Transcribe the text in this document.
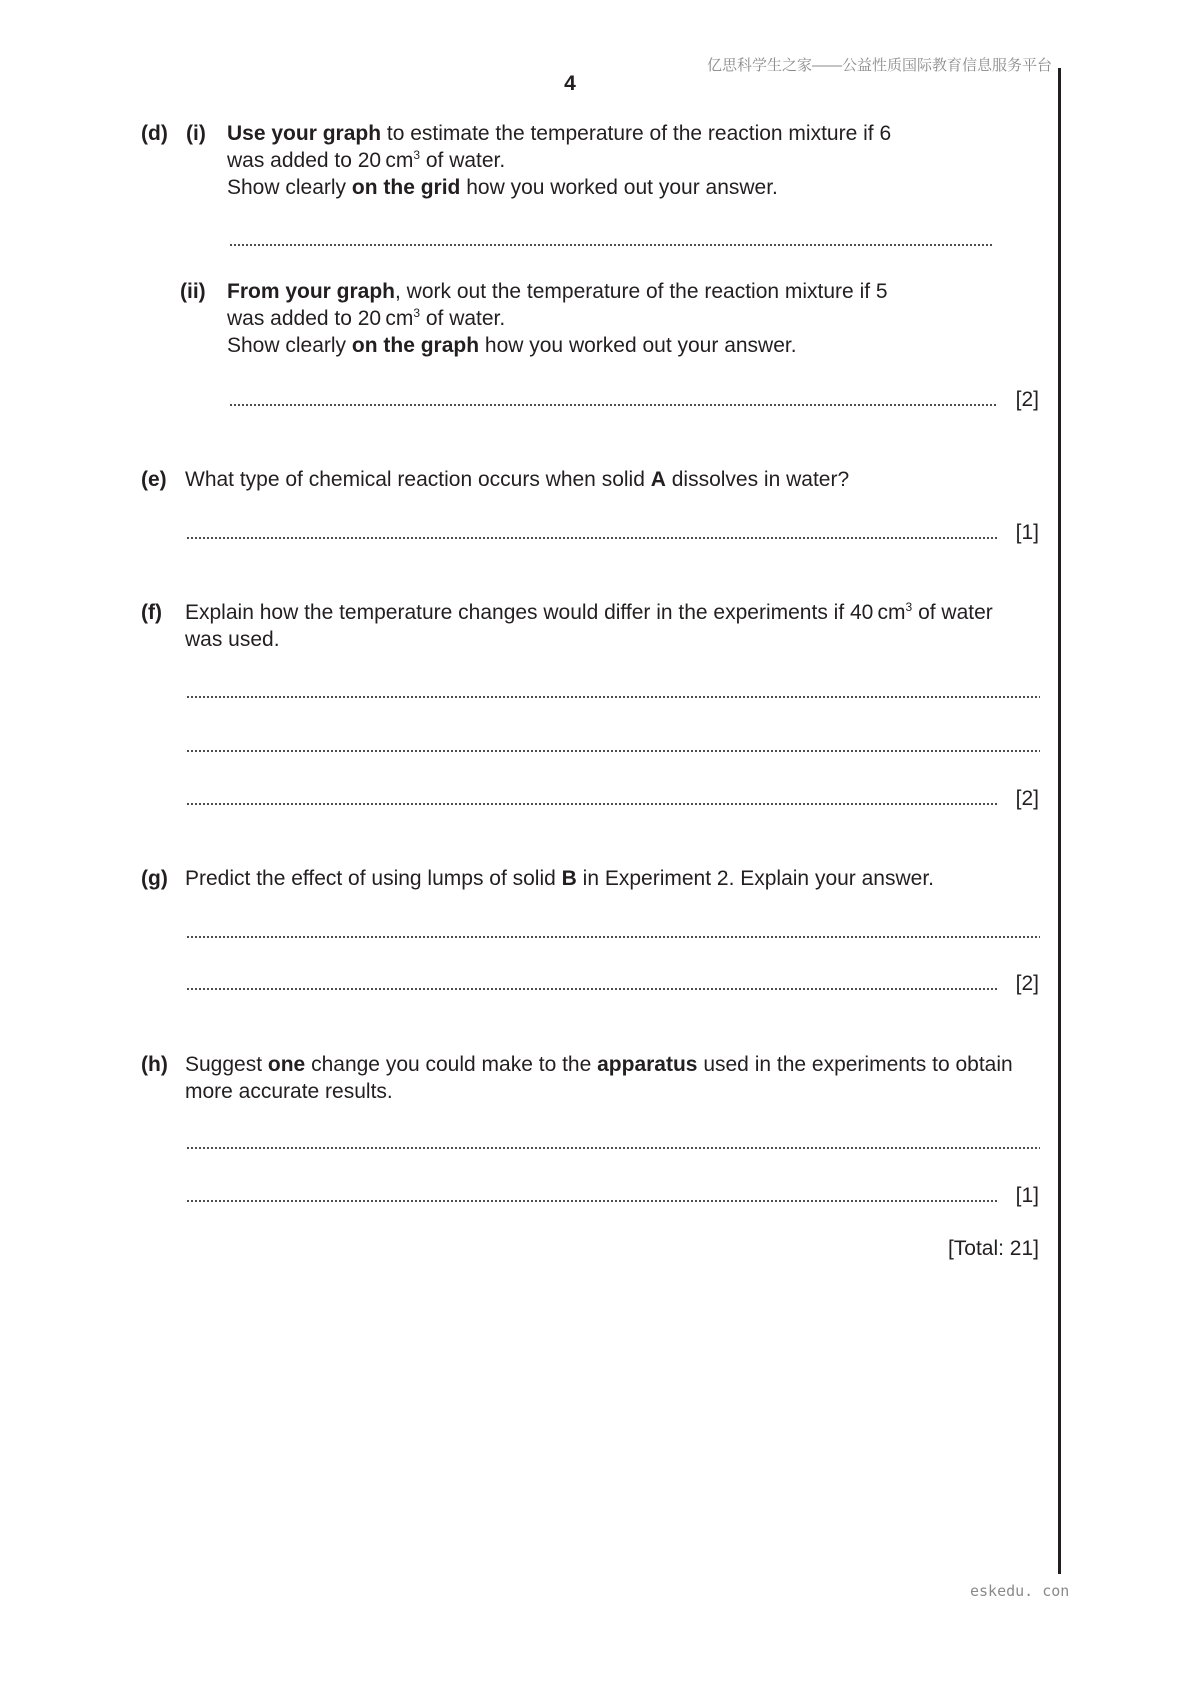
亿思科学生之家——公益性质国际教育信息服务平台
4
(d) (i) Use your graph to estimate the temperature of the reaction mixture if 6
was added to 20 $cm^3$ of water.
Show clearly on the grid how you worked out your answer.
(ii) From your graph, work out the temperature of the reaction mixture if 5
was added to 20 $cm^3$ of water.
Show clearly on the graph how you worked out your answer.
[2]
(e) What type of chemical reaction occurs when solid A dissolves in water?
[1]
(f) Explain how the temperature changes would differ in the experiments if 40 $cm^3$ of water
was used.
[2]
(g) Predict the effect of using lumps of solid B in Experiment 2. Explain your answer.
[2]
(h) Suggest one change you could make to the apparatus used in the experiments to obtain
more accurate results.
[1]
[Total: 21]
eskedu. con
